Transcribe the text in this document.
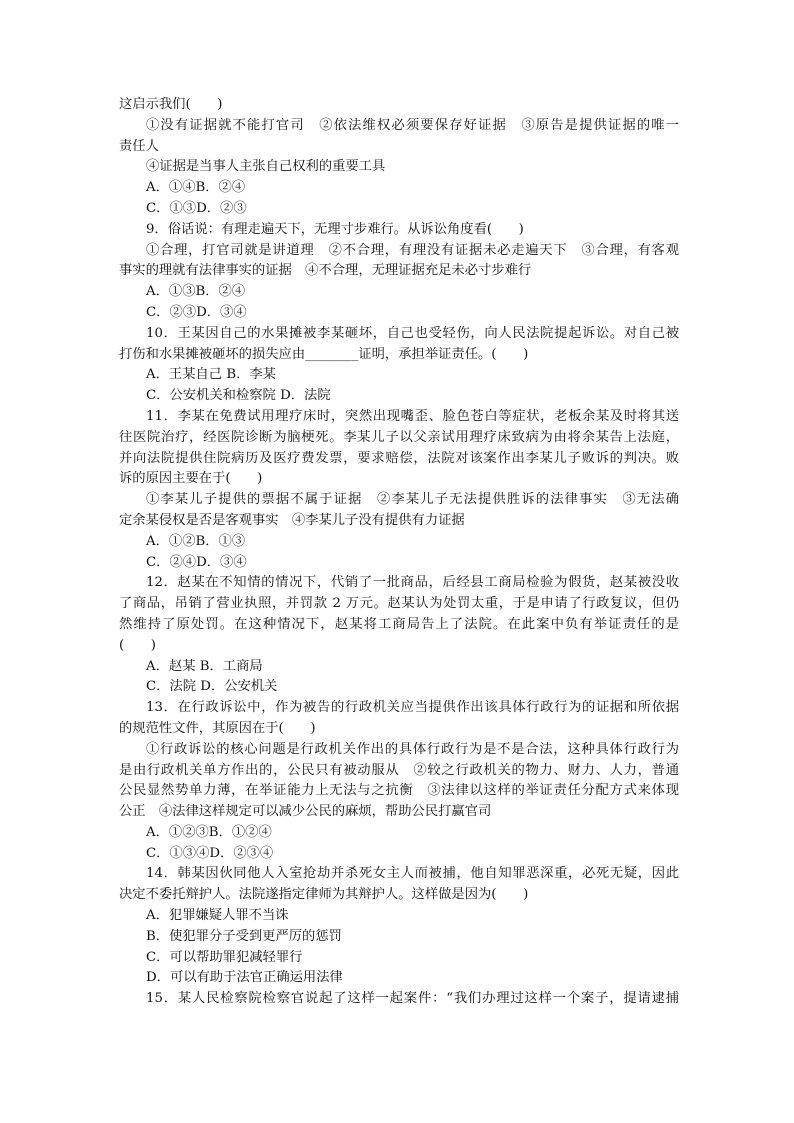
这启示我们(　　)
①没有证据就不能打官司　②依法维权必须要保存好证据　③原告是提供证据的唯一
责任人
④证据是当事人主张自己权利的重要工具
A．①④B．②④
C．①③D．②③
9．俗话说：有理走遍天下，无理寸步难行。从诉讼角度看(　　)
①合理，打官司就是讲道理　②不合理，有理没有证据未必走遍天下　③合理，有客观
事实的理就有法律事实的证据　④不合理，无理证据充足未必寸步难行
A．①③B．②④
C．②③D．③④
10．王某因自己的水果摊被李某砸坏，自己也受轻伤，向人民法院提起诉讼。对自己被
打伤和水果摊被砸坏的损失应由________证明，承担举证责任。(　　)
A．王某自己 B．李某
C．公安机关和检察院 D．法院
11．李某在免费试用理疗床时，突然出现嘴歪、脸色苍白等症状，老板余某及时将其送
往医院治疗，经医院诊断为脑梗死。李某儿子以父亲试用理疗床致病为由将余某告上法庭，
并向法院提供住院病历及医疗费发票，要求赔偿，法院对该案作出李某儿子败诉的判决。败
诉的原因主要在于(　　)
①李某儿子提供的票据不属于证据　②李某儿子无法提供胜诉的法律事实　③无法确
定余某侵权是否是客观事实　④李某儿子没有提供有力证据
A．①②B．①③
C．②④D．③④
12．赵某在不知情的情况下，代销了一批商品，后经县工商局检验为假货，赵某被没收
了商品，吊销了营业执照，并罚款 2 万元。赵某认为处罚太重，于是申请了行政复议，但仍
然维持了原处罚。在这种情况下，赵某将工商局告上了法院。在此案中负有举证责任的是
(　　)
A．赵某 B．工商局
C．法院 D．公安机关
13．在行政诉讼中，作为被告的行政机关应当提供作出该具体行政行为的证据和所依据
的规范性文件，其原因在于(　　)
①行政诉讼的核心问题是行政机关作出的具体行政行为是不是合法，这种具体行政行为
是由行政机关单方作出的，公民只有被动服从　②较之行政机关的物力、财力、人力，普通
公民显然势单力薄，在举证能力上无法与之抗衡　③法律以这样的举证责任分配方式来体现
公正　④法律这样规定可以减少公民的麻烦，帮助公民打赢官司
A．①②③B．①②④
C．①③④D．②③④
14．韩某因伙同他人入室抢劫并杀死女主人而被捕，他自知罪恶深重，必死无疑，因此
决定不委托辩护人。法院遂指定律师为其辩护人。这样做是因为(　　)
A．犯罪嫌疑人罪不当诛
B．使犯罪分子受到更严厉的惩罚
C．可以帮助罪犯减轻罪行
D．可以有助于法官正确运用法律
15．某人民检察院检察官说起了这样一起案件：“我们办理过这样一个案子，提请逮捕
